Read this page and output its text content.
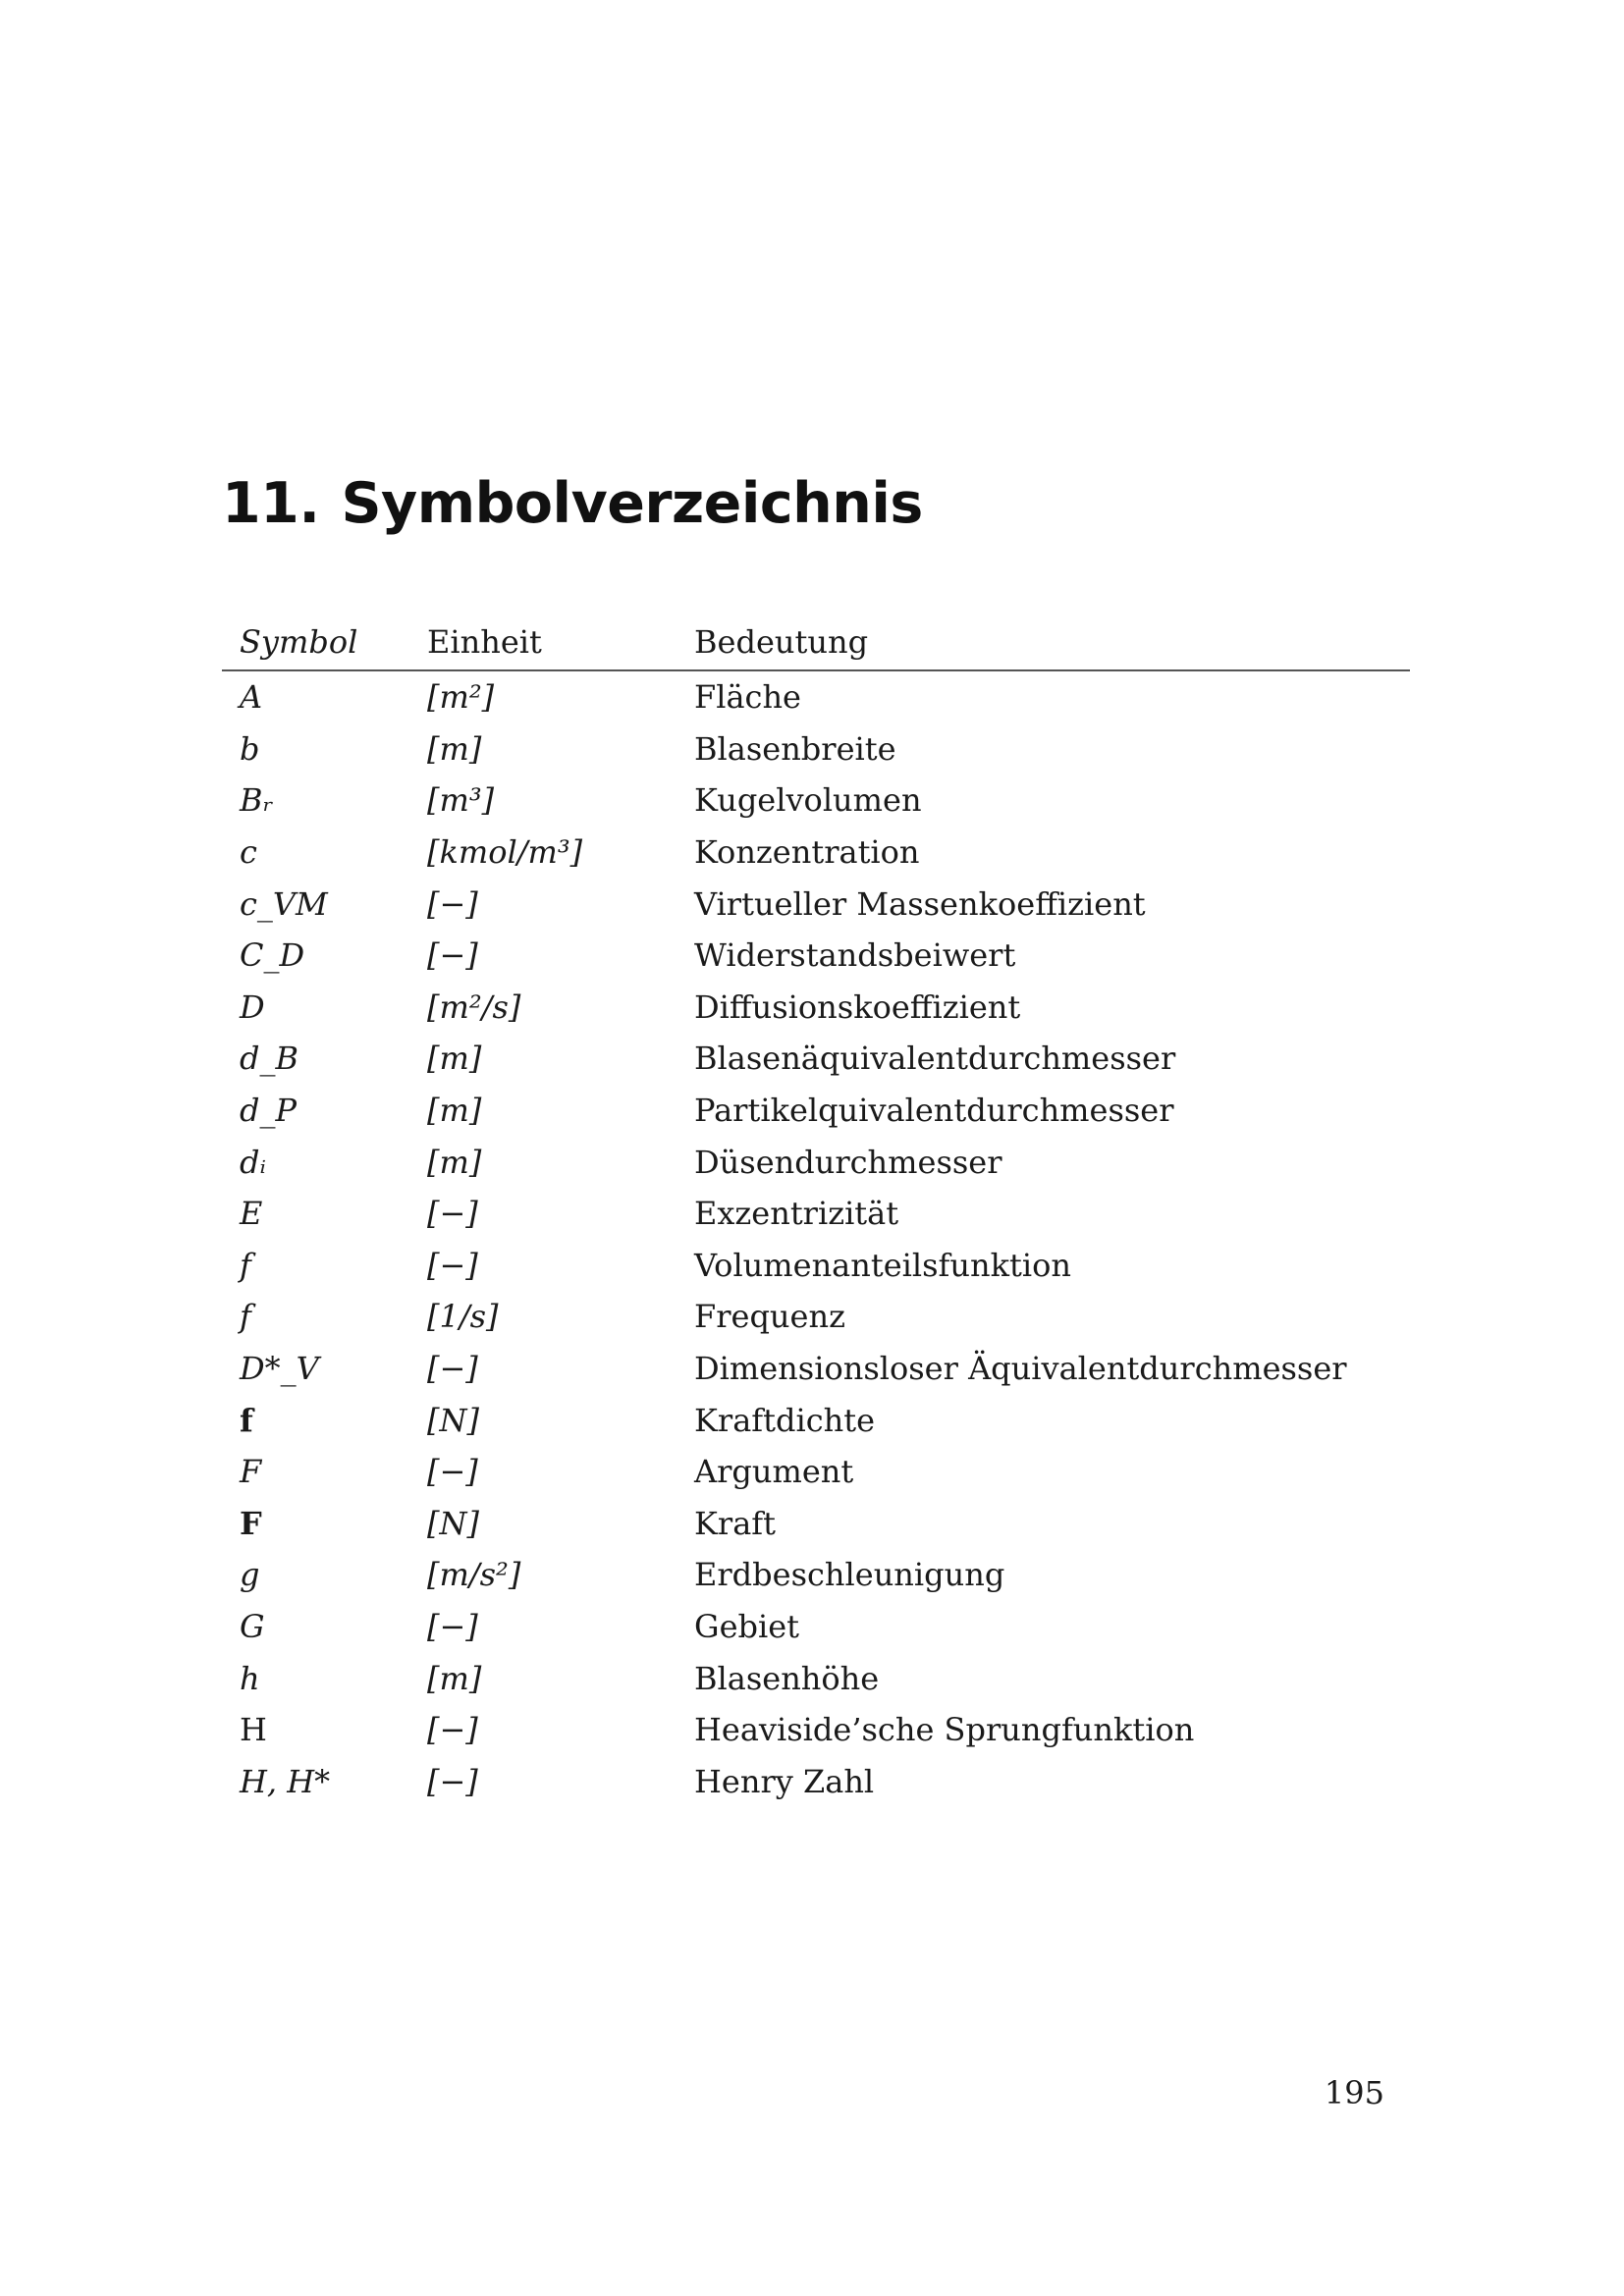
11. Symbolverzeichnis
Symbol	Einheit	Bedeutung
A	[m²]	Fläche
b	[m]	Blasenbreite
Bᵣ	[m³]	Kugelvolumen
c	[kmol/m³]	Konzentration
c_VM	[−]	Virtueller Massenkoeffizient
C_D	[−]	Widerstandsbeiwert
D	[m²/s]	Diffusionskoeffizient
d_B	[m]	Blasenäquivalentdurchmesser
d_P	[m]	Partikelquivalentdurchmesser
dᵢ	[m]	Düsendurchmesser
E	[−]	Exzentrizität
f	[−]	Volumenanteilsfunktion
f	[1/s]	Frequenz
D*_V	[−]	Dimensionsloser Äquivalentdurchmesser
f	[N]	Kraftdichte
F	[−]	Argument
F	[N]	Kraft
g	[m/s²]	Erdbeschleunigung
G	[−]	Gebiet
h	[m]	Blasenhöhe
H	[−]	Heaviside’sche Sprungfunktion
H, H*	[−]	Henry Zahl
195
